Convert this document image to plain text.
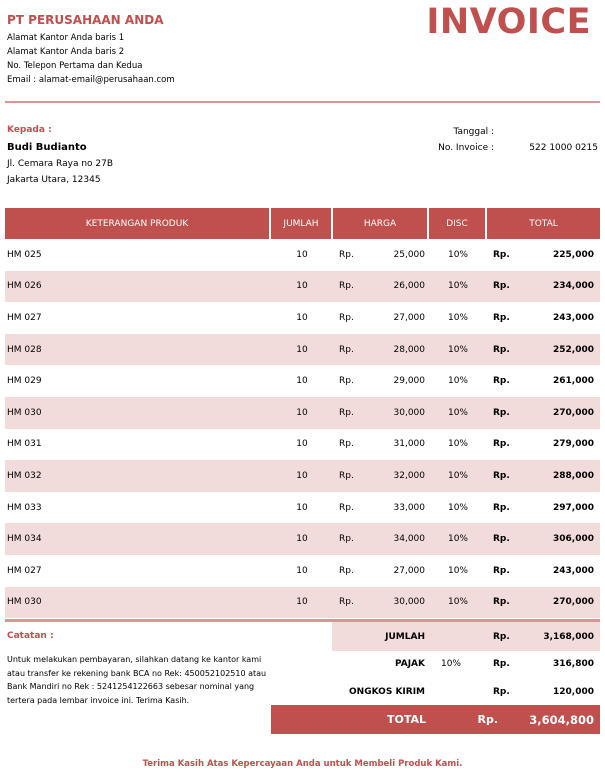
PT PERUSAHAAN ANDA
Alamat Kantor Anda baris 1
Alamat Kantor Anda baris 2
No. Telepon Pertama dan Kedua
Email : alamat-email@perusahaan.com
INVOICE
Kepada :
Budi Budianto
Jl. Cemara Raya no 27B
Jakarta Utara, 12345
Tanggal :
No. Invoice :
	522 1000 0215
KETERANGAN PRODUK	JUMLAH	HARGA	DISC	TOTAL
HM 025	10	Rp.	25,000	10%	Rp.	225,000
HM 026	10	Rp.	26,000	10%	Rp.	234,000
HM 027	10	Rp.	27,000	10%	Rp.	243,000
HM 028	10	Rp.	28,000	10%	Rp.	252,000
HM 029	10	Rp.	29,000	10%	Rp.	261,000
HM 030	10	Rp.	30,000	10%	Rp.	270,000
HM 031	10	Rp.	31,000	10%	Rp.	279,000
HM 032	10	Rp.	32,000	10%	Rp.	288,000
HM 033	10	Rp.	33,000	10%	Rp.	297,000
HM 034	10	Rp.	34,000	10%	Rp.	306,000
HM 027	10	Rp.	27,000	10%	Rp.	243,000
HM 030	10	Rp.	30,000	10%	Rp.	270,000
Catatan :
Untuk melakukan pembayaran, silahkan datang ke kantor kami atau transfer ke rekening bank BCA no Rek: 450052102510 atau Bank Mandiri no Rek : 5241254122663 sebesar nominal yang tertera pada lembar invoice ini. Terima Kasih.
JUMLAH	Rp.	3,168,000
PAJAK	10%	Rp.	316,800
ONGKOS KIRIM	Rp.	120,000
TOTAL	Rp.	3,604,800
Terima Kasih Atas Kepercayaan Anda untuk Membeli Produk Kami.
